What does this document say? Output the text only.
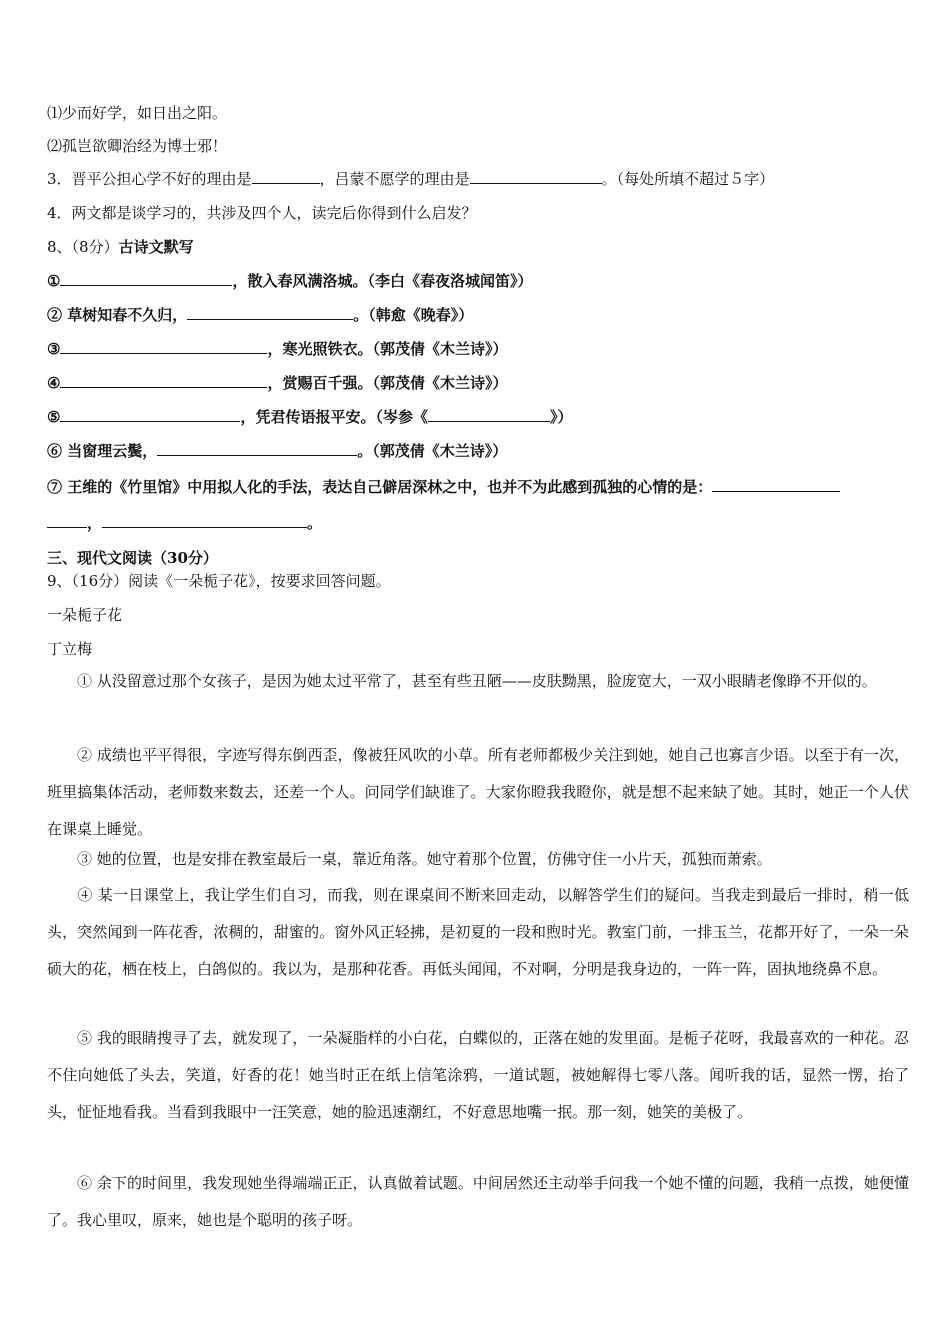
⑴少而好学，如日出之阳。
⑵孤岂欲卿治经为博士邪！
3．晋平公担心学不好的理由是	，吕蒙不愿学的理由是	。（每处所填不超过５字）
4．两文都是谈学习的，共涉及四个人，读完后你得到什么启发？
8、（8分）古诗文默写
①	，散入春风满洛城。（李白《春夜洛城闻笛》）
② 草树知春不久归，	。（韩愈《晚春》）
③	，寒光照铁衣。（郭茂倩《木兰诗》）
④	，赏赐百千强。（郭茂倩《木兰诗》）
⑤	，凭君传语报平安。（岑参《	》）
⑥ 当窗理云鬓，	。（郭茂倩《木兰诗》）
⑦ 王维的《竹里馆》中用拟人化的手法，表达自己僻居深林之中，也并不为此感到孤独的心情的是：
，	。
三、现代文阅读（30分）
9、（16分）阅读《一朵栀子花》，按要求回答问题。
一朵栀子花
丁立梅
① 从没留意过那个女孩子，是因为她太过平常了，甚至有些丑陋——皮肤黝黑，脸庞宽大，一双小眼睛老像睁不开似的。
② 成绩也平平得很，字迹写得东倒西歪，像被狂风吹的小草。所有老师都极少关注到她，她自己也寡言少语。以至于有一次，班里搞集体活动，老师数来数去，还差一个人。问同学们缺谁了。大家你瞪我我瞪你，就是想不起来缺了她。其时，她正一个人伏在课桌上睡觉。
③ 她的位置，也是安排在教室最后一桌，靠近角落。她守着那个位置，仿佛守住一小片天，孤独而萧索。
④ 某一日课堂上，我让学生们自习，而我，则在课桌间不断来回走动，以解答学生们的疑问。当我走到最后一排时，稍一低头，突然闻到一阵花香，浓稠的，甜蜜的。窗外风正轻拂，是初夏的一段和煦时光。教室门前，一排玉兰，花都开好了，一朵一朵硕大的花，栖在枝上，白鸽似的。我以为，是那种花香。再低头闻闻，不对啊，分明是我身边的，一阵一阵，固执地绕鼻不息。
⑤ 我的眼睛搜寻了去，就发现了，一朵凝脂样的小白花，白蝶似的，正落在她的发里面。是栀子花呀，我最喜欢的一种花。忍不住向她低了头去，笑道，好香的花！她当时正在纸上信笔涂鸦，一道试题，被她解得七零八落。闻听我的话，显然一愣，抬了头，怔怔地看我。当看到我眼中一汪笑意，她的脸迅速潮红，不好意思地嘴一抿。那一刻，她笑的美极了。
⑥ 余下的时间里，我发现她坐得端端正正，认真做着试题。中间居然还主动举手问我一个她不懂的问题，我稍一点拨，她便懂了。我心里叹，原来，她也是个聪明的孩子呀。
